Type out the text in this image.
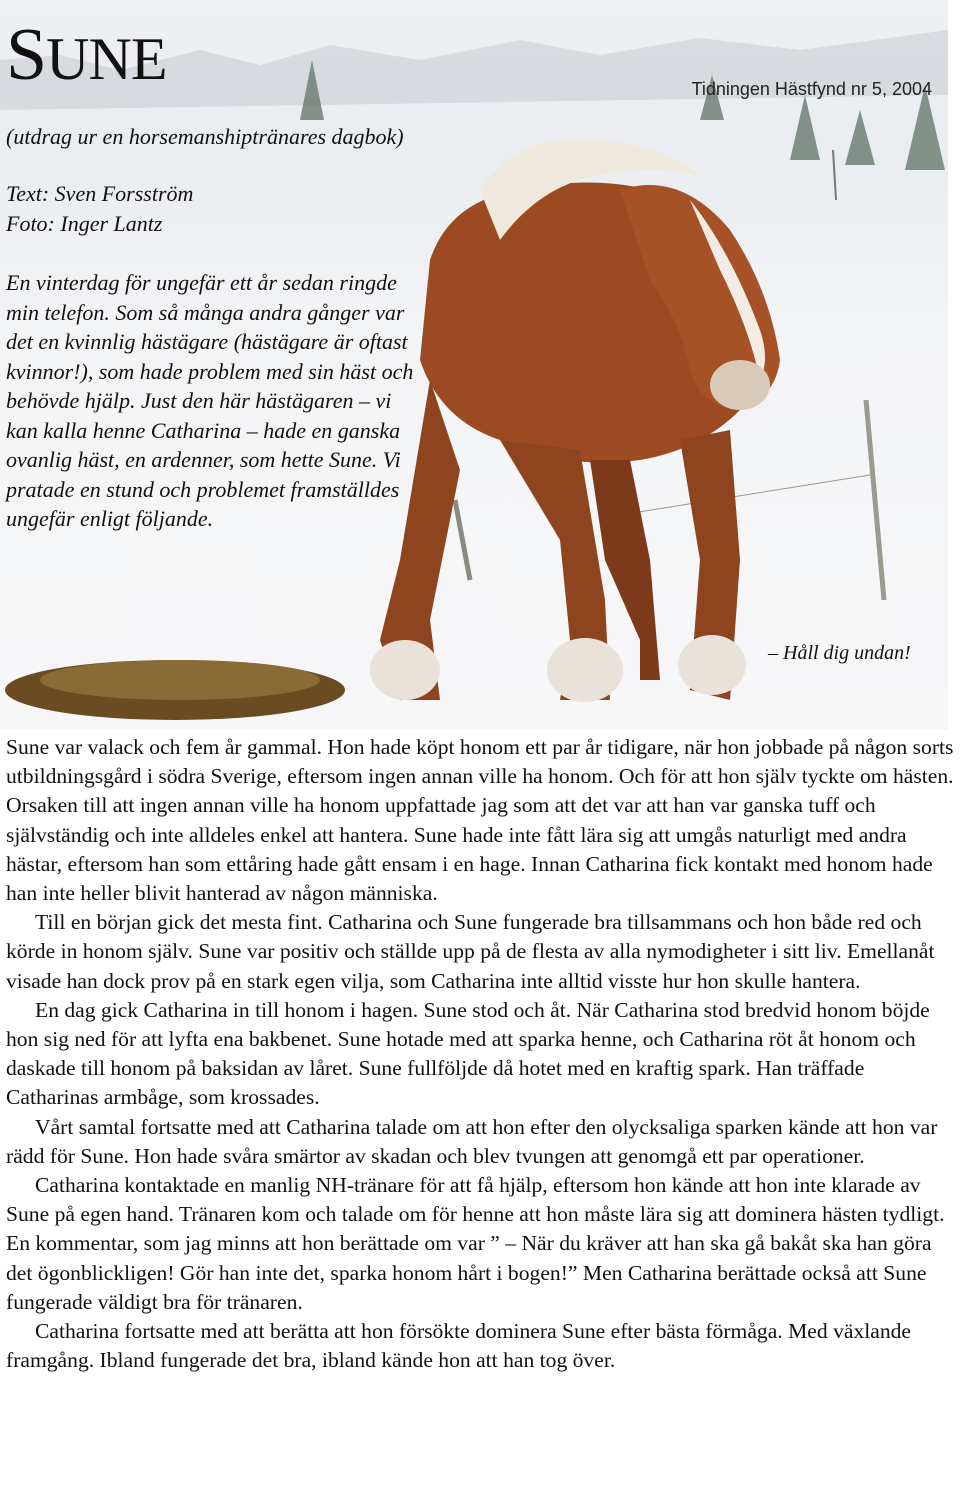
SUNE
(utdrag ur en horsemanshiptränares dagbok)
Tidningen Hästfynd nr 5, 2004
Text: Sven Forsström
Foto: Inger Lantz

En vinterdag för ungefär ett år sedan ringde min telefon. Som så många andra gånger var det en kvinnlig hästägare (hästägare är oftast kvinnor!), som hade problem med sin häst och behövde hjälp. Just den här hästägaren – vi kan kalla henne Catharina – hade en ganska ovanlig häst, en ardenner, som hette Sune. Vi pratade en stund och problemet framställdes ungefär enligt följande.

– Håll dig undan!

Sune var valack och fem år gammal. Hon hade köpt honom ett par år tidigare, när hon jobbade på någon sorts utbildningsgård i södra Sverige, eftersom ingen annan ville ha honom. Och för att hon själv tyckte om hästen. Orsaken till att ingen annan ville ha honom uppfattade jag som att det var att han var ganska tuff och självständig och inte alldeles enkel att hantera. Sune hade inte fått lära sig att umgås naturligt med andra hästar, eftersom han som ettåring hade gått ensam i en hage. Innan Catharina fick kontakt med honom hade han inte heller blivit hanterad av någon människa.

Till en början gick det mesta fint. Catharina och Sune fungerade bra tillsammans och hon både red och körde in honom själv. Sune var positiv och ställde upp på de flesta av alla nymodigheter i sitt liv. Emellanåt visade han dock prov på en stark egen vilja, som Catharina inte alltid visste hur hon skulle hantera.

En dag gick Catharina in till honom i hagen. Sune stod och åt. När Catharina stod bredvid honom böjde hon sig ned för att lyfta ena bakbenet. Sune hotade med att sparka henne, och Catharina röt åt honom och daskade till honom på baksidan av låret. Sune fullföljde då hotet med en kraftig spark. Han träffade Catharinas armbåge, som krossades.

Vårt samtal fortsatte med att Catharina talade om att hon efter den olycksaliga sparken kände att hon var rädd för Sune. Hon hade svåra smärtor av skadan och blev tvungen att genomgå ett par operationer.

Catharina kontaktade en manlig NH-tränare för att få hjälp, eftersom hon kände att hon inte klarade av Sune på egen hand. Tränaren kom och talade om för henne att hon måste lära sig att dominera hästen tydligt. En kommentar, som jag minns att hon berättade om var ” – När du kräver att han ska gå bakåt ska han göra det ögonblickligen! Gör han inte det, sparka honom hårt i bogen!” Men Catharina berättade också att Sune fungerade väldigt bra för tränaren.

Catharina fortsatte med att berätta att hon försökte dominera Sune efter bästa förmåga. Med växlande framgång. Ibland fungerade det bra, ibland kände hon att han tog över.
